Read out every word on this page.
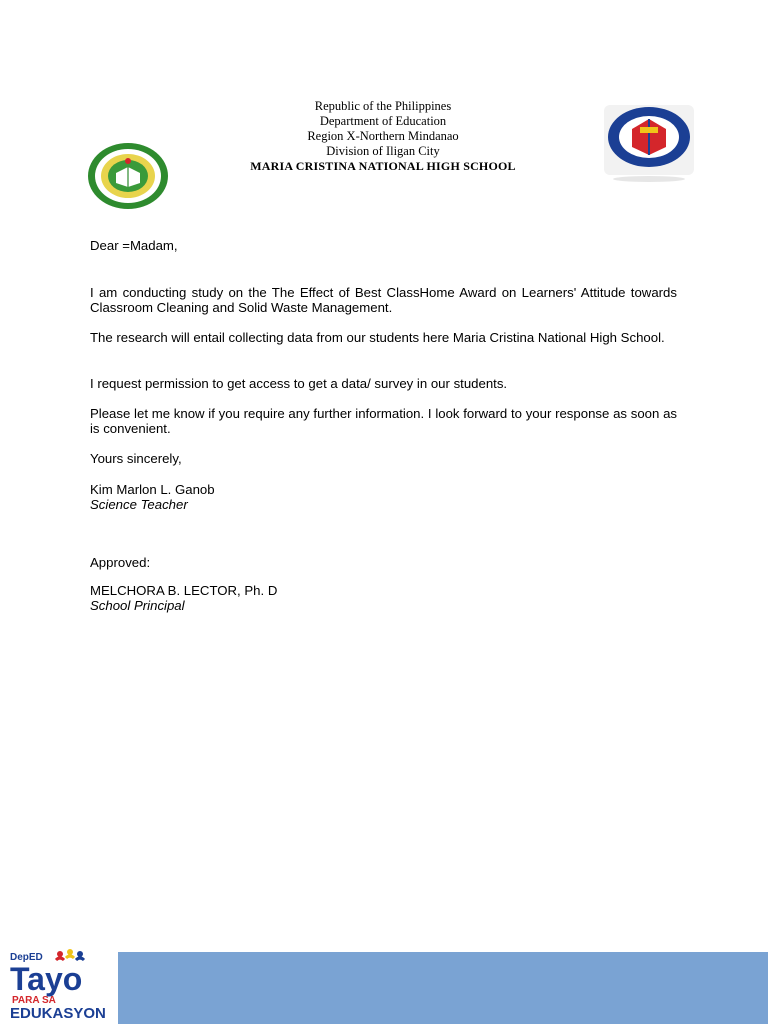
Republic of the Philippines
Department of Education
Region X-Northern Mindanao
Division of Iligan City
MARIA CRISTINA NATIONAL HIGH SCHOOL
Dear =Madam,
I am conducting study on the The Effect of Best ClassHome Award on Learners' Attitude towards Classroom Cleaning and Solid Waste Management.
The research will entail collecting data from our students here Maria Cristina National High School.
I request permission to get access to get a data/ survey in our students.
Please let me know if you require any further information. I look forward to your response as soon as is convenient.
Yours sincerely,
Kim Marlon L. Ganob
Science Teacher
Approved:
MELCHORA B. LECTOR, Ph. D
School Principal
DepED
Tayo
PARA SA
EDUKASYON
